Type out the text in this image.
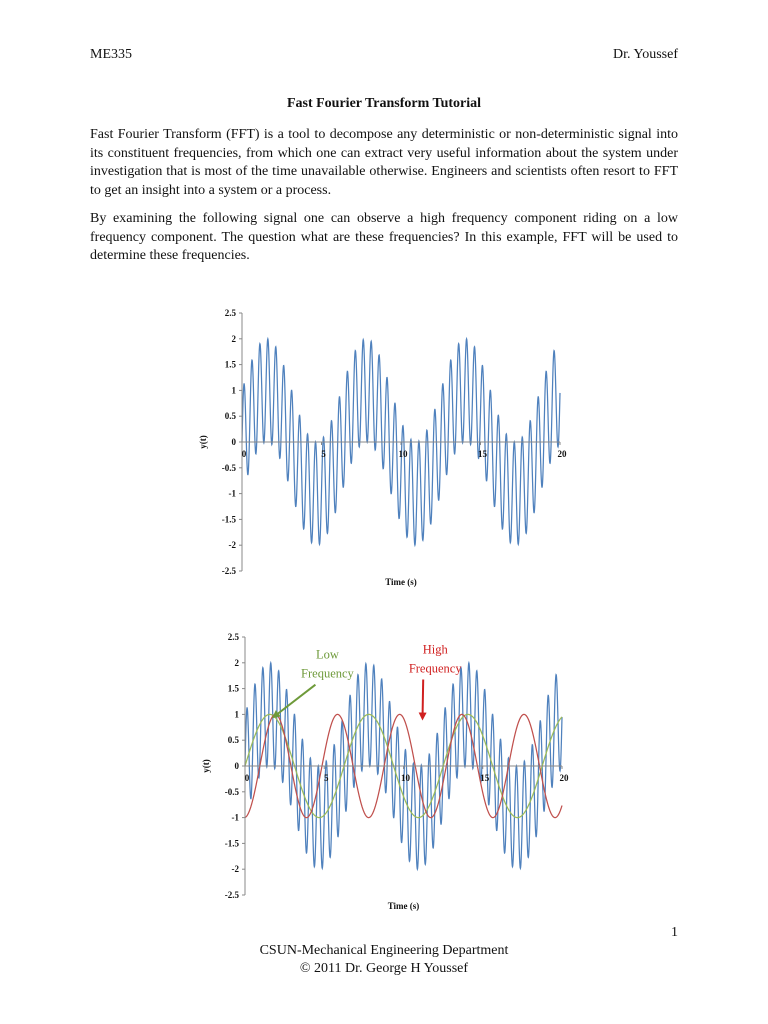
ME335	Dr. Youssef
Fast Fourier Transform Tutorial

Fast Fourier Transform (FFT) is a tool to decompose any deterministic or non-deterministic signal into its constituent frequencies, from which one can extract very useful information about the system under investigation that is most of the time unavailable otherwise. Engineers and scientists often resort to FFT to get an insight into a system or a process.

By examining the following signal one can observe a high frequency component riding on a low frequency component. The question what are these frequencies? In this example, FFT will be used to determine these frequencies.

2.5
2
1.5
1
0.5
0
-0.5
-1
-1.5
-2
-2.5
0	5	10	15	20
Time (s)
y(t)
2.5
2
1.5
1
0.5
0
-0.5
-1
-1.5
-2
-2.5
0	5	10	15	20
Time (s)
y(t)
Low Frequency
High Frequency
1
CSUN-Mechanical Engineering Department
© 2011 Dr. George H Youssef
